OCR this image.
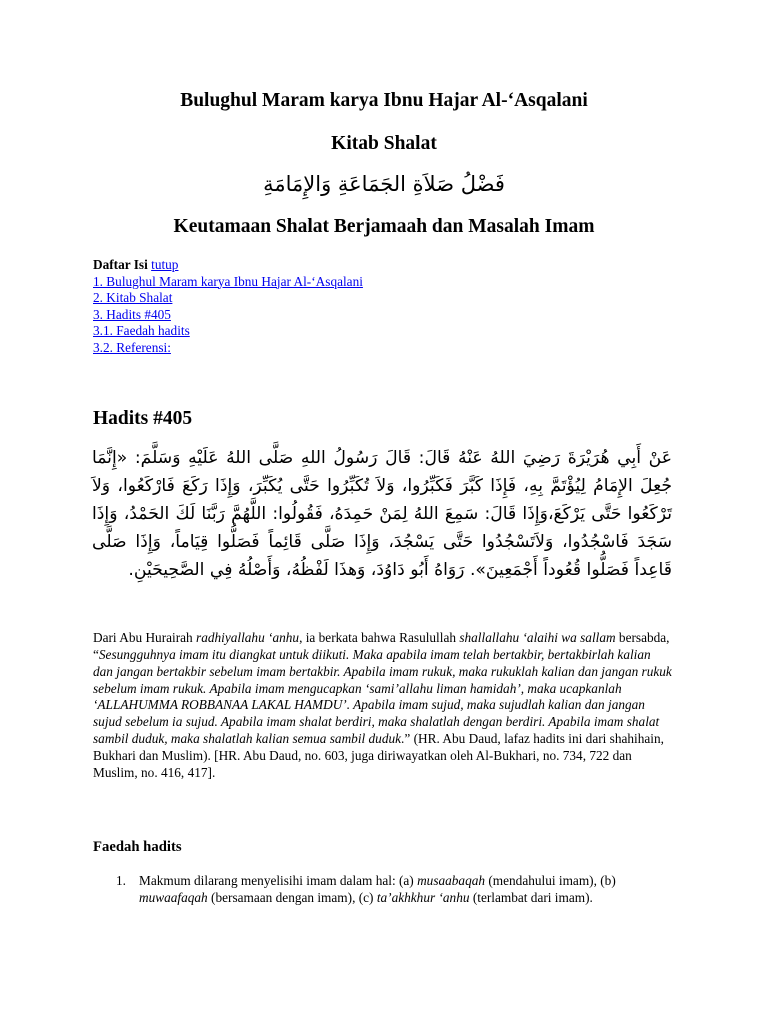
Bulughul Maram karya Ibnu Hajar Al-‘Asqalani
Kitab Shalat
فَضْلُ صَلاَةِ الجَمَاعَةِ وَالإِمَامَةِ
Keutamaan Shalat Berjamaah dan Masalah Imam
Daftar Isi tutup
1. Bulughul Maram karya Ibnu Hajar Al-‘Asqalani
2. Kitab Shalat
3. Hadits #405
3.1. Faedah hadits
3.2. Referensi:
Hadits #405
عَنْ أَبِي هُرَيْرَةَ رَضِيَ اللهُ عَنْهُ قَالَ: قَالَ رَسُولُ اللهِ صَلَّى اللهُ عَلَيْهِ وَسَلَّمَ: «إِنَّمَا جُعِلَ الإِمَامُ لِيُؤْتَمَّ بِهِ، فَإِذَا كَبَّرَ فَكَبِّرُوا، وَلاَ تُكَبِّرُوا حَتَّى يُكَبِّرَ، وَإِذَا رَكَعَ فَارْكَعُوا، وَلاَ تَرْكَعُوا حَتَّى يَرْكَعَ،وَإِذَا قَالَ: سَمِعَ اللهُ لِمَنْ حَمِدَهُ، فَقُولُوا: اللَّهُمَّ رَبَّنَا لَكَ الحَمْدُ، وَإِذَا سَجَدَ فَاسْجُدُوا، وَلاَتَسْجُدُوا حَتَّى يَسْجُدَ، وَإِذَا صَلَّى قَائِماً فَصَلُّوا قِيَاماً، وَإِذَا صَلَّى قَاعِداً فَصَلُّوا قُعُوداً أَجْمَعِينَ». رَوَاهُ أَبُو دَاوُدَ، وَهذَا لَفْظُهُ، وَأَصْلُهُ فِي الصَّحِيحَيْنِ.

Dari Abu Hurairah radhiyallahu ‘anhu, ia berkata bahwa Rasulullah shallallahu ‘alaihi wa sallam bersabda, “Sesungguhnya imam itu diangkat untuk diikuti. Maka apabila imam telah bertakbir, bertakbirlah kalian dan jangan bertakbir sebelum imam bertakbir. Apabila imam rukuk, maka rukuklah kalian dan jangan rukuk sebelum imam rukuk. Apabila imam mengucapkan ‘sami’allahu liman hamidah’, maka ucapkanlah ‘ALLAHUMMA ROBBANAA LAKAL HAMDU’. Apabila imam sujud, maka sujudlah kalian dan jangan sujud sebelum ia sujud. Apabila imam shalat berdiri, maka shalatlah dengan berdiri. Apabila imam shalat sambil duduk, maka shalatlah kalian semua sambil duduk.” (HR. Abu Daud, lafaz hadits ini dari shahihain, Bukhari dan Muslim). [HR. Abu Daud, no. 603, juga diriwayatkan oleh Al-Bukhari, no. 734, 722 dan Muslim, no. 416, 417].

Faedah hadits
1. Makmum dilarang menyelisihi imam dalam hal: (a) musaabaqah (mendahului imam), (b) muwaafaqah (bersamaan dengan imam), (c) ta’akhkhur ‘anhu (terlambat dari imam).
